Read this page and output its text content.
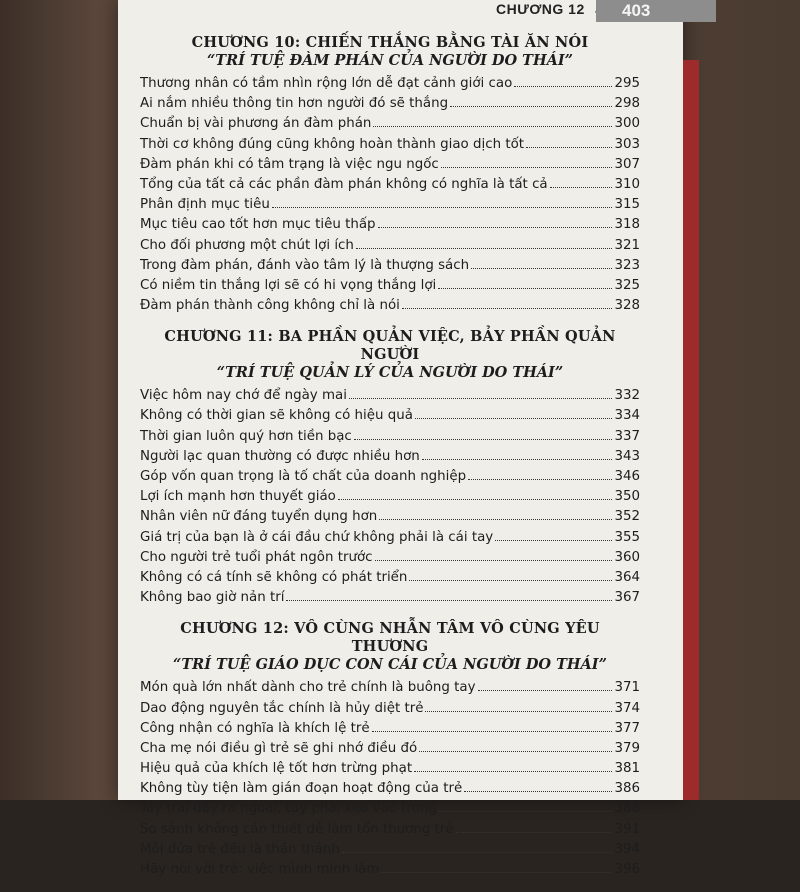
CHƯƠNG 12	403
CHƯƠNG 10: CHIẾN THẮNG BẰNG TÀI ĂN NÓI
“TRÍ TUỆ ĐÀM PHÁN CỦA NGƯỜI DO THÁI”
Thương nhân có tầm nhìn rộng lớn dễ đạt cảnh giới cao	295
Ai nắm nhiều thông tin hơn người đó sẽ thắng	298
Chuẩn bị vài phương án đàm phán	300
Thời cơ không đúng cũng không hoàn thành giao dịch tốt	303
Đàm phán khi có tâm trạng là việc ngu ngốc	307
Tổng của tất cả các phần đàm phán không có nghĩa là tất cả	310
Phân định mục tiêu	315
Mục tiêu cao tốt hơn mục tiêu thấp	318
Cho đối phương một chút lợi ích	321
Trong đàm phán, đánh vào tâm lý là thượng sách	323
Có niềm tin thắng lợi sẽ có hi vọng thắng lợi	325
Đàm phán thành công không chỉ là nói	328
CHƯƠNG 11: BA PHẦN QUẢN VIỆC, BẢY PHẦN QUẢN NGƯỜI
“TRÍ TUỆ QUẢN LÝ CỦA NGƯỜI DO THÁI”
Việc hôm nay chớ để ngày mai	332
Không có thời gian sẽ không có hiệu quả	334
Thời gian luôn quý hơn tiền bạc	337
Người lạc quan thường có được nhiều hơn	343
Góp vốn quan trọng là tố chất của doanh nghiệp	346
Lợi ích mạnh hơn thuyết giáo	350
Nhân viên nữ đáng tuyển dụng hơn	352
Giá trị của bạn là ở cái đầu chứ không phải là cái tay	355
Cho người trẻ tuổi phát ngôn trước	360
Không có cá tính sẽ không có phát triển	364
Không bao giờ nản trí	367
CHƯƠNG 12: VÔ CÙNG NHẪN TÂM VÔ CÙNG YÊU THƯƠNG
“TRÍ TUỆ GIÁO DỤC CON CÁI CỦA NGƯỜI DO THÁI”
Món quà lớn nhất dành cho trẻ chính là buông tay	371
Dao động nguyên tắc chính là hủy diệt trẻ	374
Công nhận có nghĩa là khích lệ trẻ	377
Cha mẹ nói điều gì trẻ sẽ ghi nhớ điều đó	379
Hiệu quả của khích lệ tốt hơn trừng phạt	381
Không tùy tiện làm gián đoạn hoạt động của trẻ	386
Tay trái đẩy ra ngoài, tay phải kéo vào trong	388
So sánh không cần thiết dễ làm tổn thương trẻ	391
Mỗi đứa trẻ đều là thần thánh	394
Hãy nói với trẻ: việc mình mình làm	396
